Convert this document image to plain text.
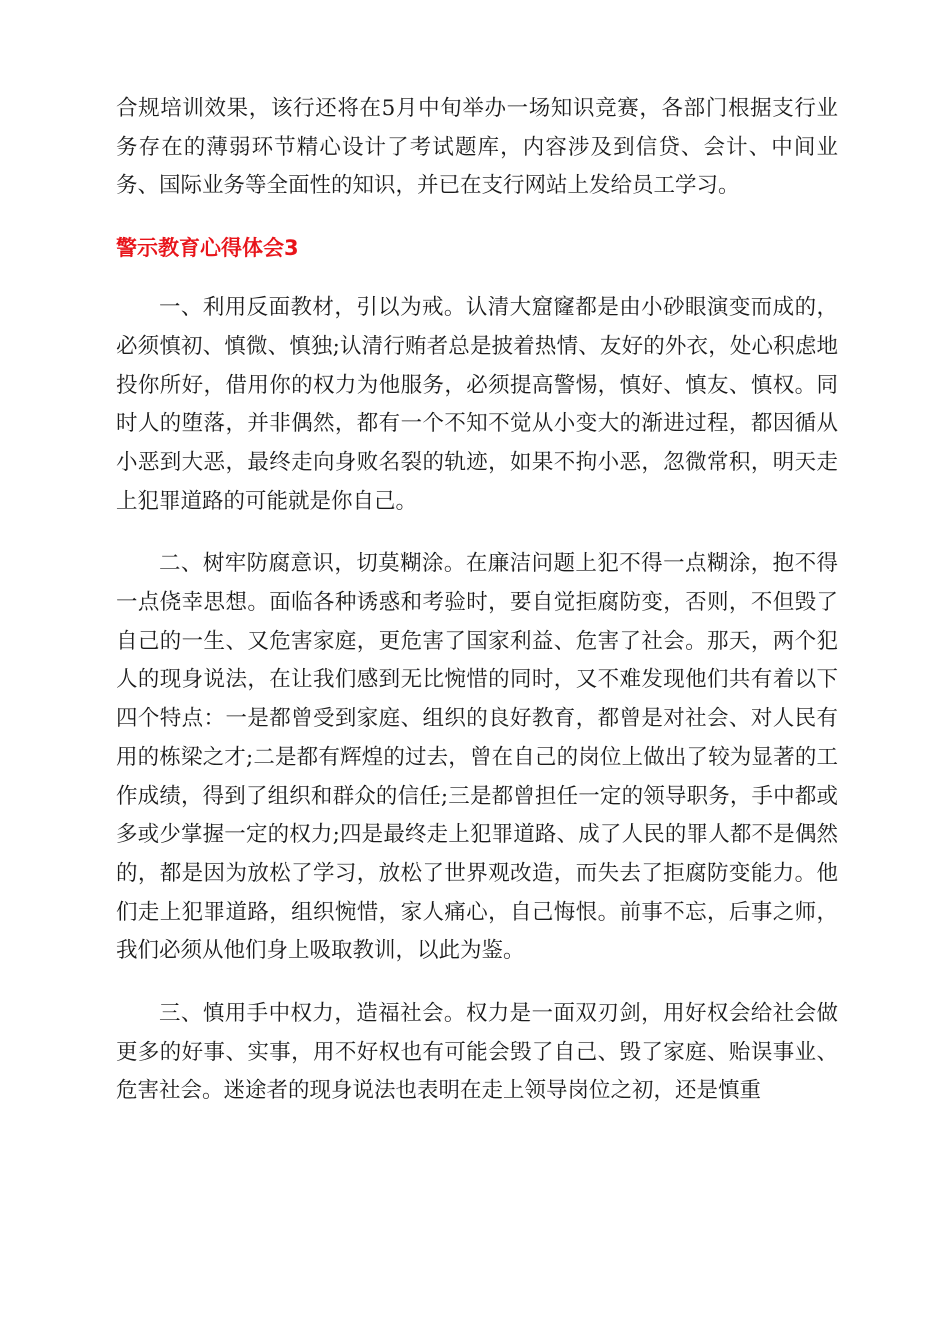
合规培训效果，该行还将在5月中旬举办一场知识竞赛，各部门根据支行业务存在的薄弱环节精心设计了考试题库，内容涉及到信贷、会计、中间业务、国际业务等全面性的知识，并已在支行网站上发给员工学习。

警示教育心得体会3

一、利用反面教材，引以为戒。认清大窟窿都是由小砂眼演变而成的，必须慎初、慎微、慎独;认清行贿者总是披着热情、友好的外衣，处心积虑地投你所好，借用你的权力为他服务，必须提高警惕，慎好、慎友、慎权。同时人的堕落，并非偶然，都有一个不知不觉从小变大的渐进过程，都因循从小恶到大恶，最终走向身败名裂的轨迹，如果不拘小恶，忽微常积，明天走上犯罪道路的可能就是你自己。

二、树牢防腐意识，切莫糊涂。在廉洁问题上犯不得一点糊涂，抱不得一点侥幸思想。面临各种诱惑和考验时，要自觉拒腐防变，否则，不但毁了自己的一生、又危害家庭，更危害了国家利益、危害了社会。那天，两个犯人的现身说法，在让我们感到无比惋惜的同时，又不难发现他们共有着以下四个特点：一是都曾受到家庭、组织的良好教育，都曾是对社会、对人民有用的栋梁之才;二是都有辉煌的过去，曾在自己的岗位上做出了较为显著的工作成绩，得到了组织和群众的信任;三是都曾担任一定的领导职务，手中都或多或少掌握一定的权力;四是最终走上犯罪道路、成了人民的罪人都不是偶然的，都是因为放松了学习，放松了世界观改造，而失去了拒腐防变能力。他们走上犯罪道路，组织惋惜，家人痛心，自己悔恨。前事不忘，后事之师，我们必须从他们身上吸取教训，以此为鉴。

三、慎用手中权力，造福社会。权力是一面双刃剑，用好权会给社会做更多的好事、实事，用不好权也有可能会毁了自己、毁了家庭、贻误事业、危害社会。迷途者的现身说法也表明在走上领导岗位之初，还是慎重
